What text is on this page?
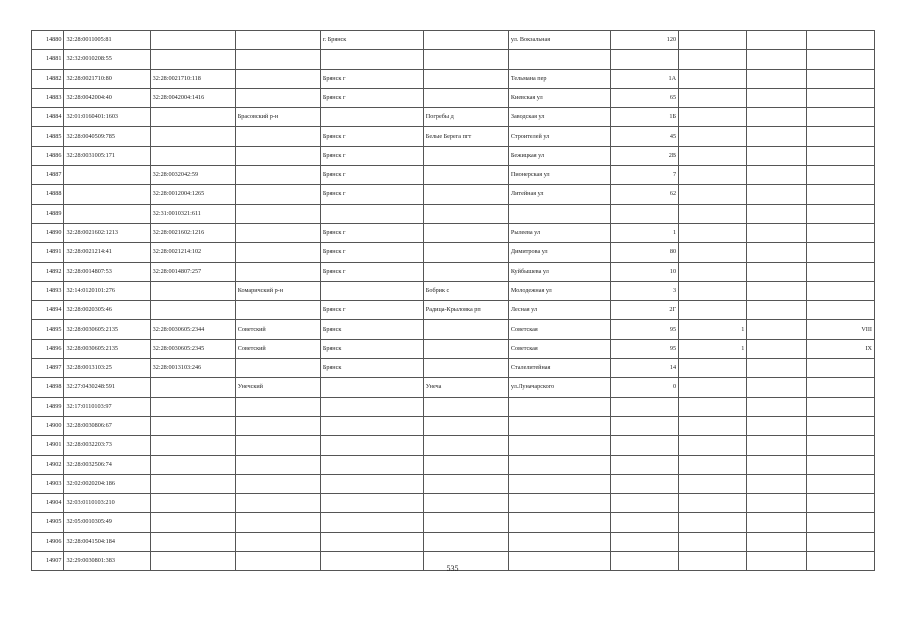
14880	32:28:0011005:81			г. Брянск		ул. Вокзальная	120			
14881	32:32:0010208:55									
14882	32:28:0021710:80	32:28:0021710:118		Брянск г		Тельмана пер	1А			
14883	32:28:0042004:40	32:28:0042004:1416		Брянск г		Киевская ул	65			
14884	32:01:0160401:1603		Брасовский р-н		Погребы д	Заводская ул	1Б			
14885	32:28:0040509:785			Брянск г	Белые Берега пгт	Строителей ул	45			
14886	32:28:0031005:171			Брянск г		Бежицкая ул	2В			
14887		32:28:0032042:59		Брянск г		Пионерская ул	7			
14888		32:28:0012004:1265		Брянск г		Литейная ул	62			
14889		32:31:0010321:611								
14890	32:28:0021602:1213	32:28:0021602:1216		Брянск г		Рылеева ул	1			
14891	32:28:0021214:41	32:28:0021214:102		Брянск г		Димитрова ул	80			
14892	32:28:0014807:53	32:28:0014807:257		Брянск г		Куйбышева ул	10			
14893	32:14:0120101:276		Комаричский р-н		Бобрик с	Молодежная ул	3			
14894	32:28:0020305:46			Брянск г	Радица-Крыловка рп	Лесная ул	2Г			
14895	32:28:0030605:2135	32:28:0030605:2344	Советский	Брянск		Советская	95	1		VIII
14896	32:28:0030605:2135	32:28:0030605:2345	Советский	Брянск		Советская	95	1		IX
14897	32:28:0013103:25	32:28:0013103:246		Брянск		Сталелитейная	14			
14898	32:27:0430248:591		Унечский		Унеча	ул.Луначарского	0			
14899	32:17:0110103:97									
14900	32:28:0030806:67									
14901	32:28:0032203:73									
14902	32:28:0032506:74									
14903	32:02:0020204:186									
14904	32:03:0110103:210									
14905	32:05:0010305:49									
14906	32:28:0041504:184									
14907	32:29:0030801:383									
535
